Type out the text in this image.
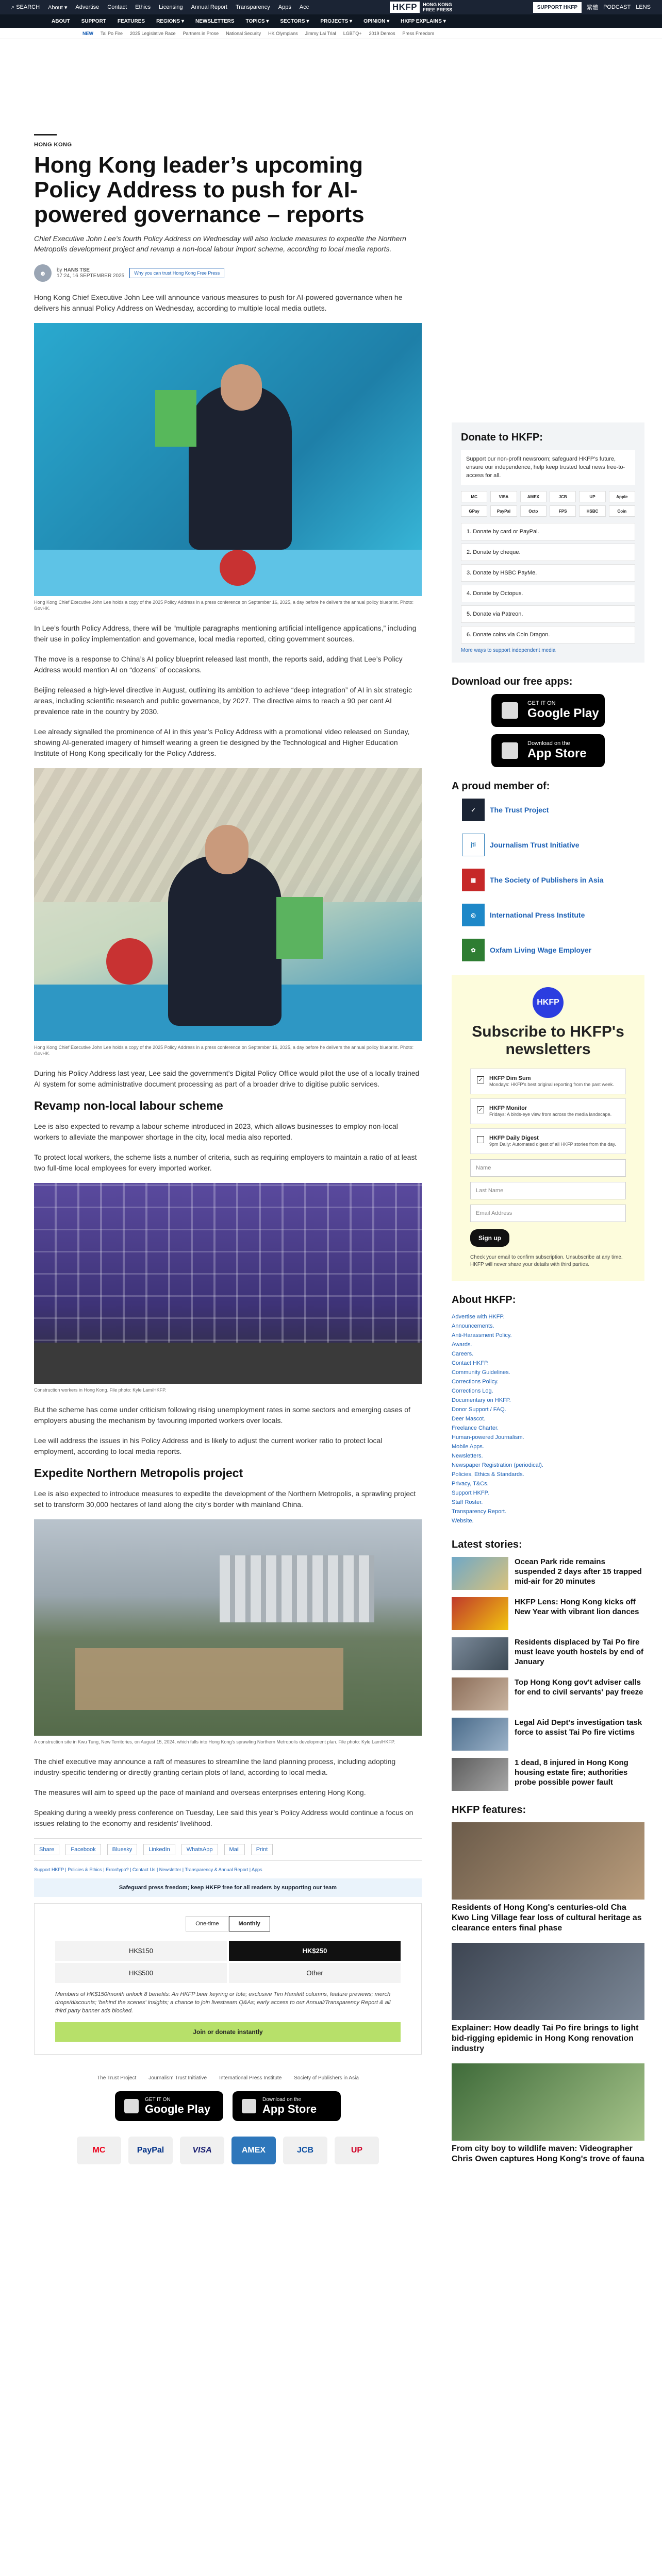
⌕ SEARCH About ▾ Advertise Contact Ethics Licensing Annual Report Transparency Apps Acc	HKFP	HONG KONG
FREE PRESS	SUPPORT HKFP	繁體 PODCAST LENS
ABOUT SUPPORT FEATURES REGIONS ▾ NEWSLETTERS TOPICS ▾ SECTORS ▾ PROJECTS ▾ OPINION ▾ HKFP EXPLAINS ▾
NEW Tai Po Fire 2025 Legislative Race Partners in Prose National Security HK Olympians Jimmy Lai Trial LGBTQ+ 2019 Demos Press Freedom
HONG KONG
Hong Kong leader’s upcoming Policy Address to push for AI-powered governance – reports

Chief Executive John Lee’s fourth Policy Address on Wednesday will also include measures to expedite the Northern Metropolis development project and revamp a non-local labour import scheme, according to local media reports.

☻	by HANS TSE
17:24, 16 SEPTEMBER 2025	Why you can trust Hong Kong Free Press

Hong Kong Chief Executive John Lee will announce various measures to push for AI-powered governance when he delivers his annual Policy Address on Wednesday, according to multiple local media outlets.

Hong Kong Chief Executive John Lee holds a copy of the 2025 Policy Address in a press conference on September 16, 2025, a day before he delivers the annual policy blueprint. Photo: GovHK.

In Lee’s fourth Policy Address, there will be “multiple paragraphs mentioning artificial intelligence applications,” including their use in policy implementation and governance, local media reported, citing government sources.

The move is a response to China’s AI policy blueprint released last month, the reports said, adding that Lee’s Policy Address would mention AI on “dozens” of occasions.

Beijing released a high-level directive in August, outlining its ambition to achieve “deep integration” of AI in six strategic areas, including scientific research and public governance, by 2027. The directive aims to reach a 90 per cent AI prevalence rate in the country by 2030.

Lee already signalled the prominence of AI in this year’s Policy Address with a promotional video released on Sunday, showing AI-generated imagery of himself wearing a green tie designed by the Technological and Higher Education Institute of Hong Kong specifically for the Policy Address.

Hong Kong Chief Executive John Lee holds a copy of the 2025 Policy Address in a press conference on September 16, 2025, a day before he delivers the annual policy blueprint. Photo: GovHK.

During his Policy Address last year, Lee said the government’s Digital Policy Office would pilot the use of a locally trained AI system for some administrative document processing as part of a broader drive to digitise public services.

Revamp non-local labour scheme

Lee is also expected to revamp a labour scheme introduced in 2023, which allows businesses to employ non-local workers to alleviate the manpower shortage in the city, local media also reported.

To protect local workers, the scheme lists a number of criteria, such as requiring employers to maintain a ratio of at least two full-time local employees for every imported worker.

Construction workers in Hong Kong. File photo: Kyle Lam/HKFP.

But the scheme has come under criticism following rising unemployment rates in some sectors and emerging cases of employers abusing the mechanism by favouring imported workers over locals.

Lee will address the issues in his Policy Address and is likely to adjust the current worker ratio to protect local employment, according to local media reports.

Expedite Northern Metropolis project

Lee is also expected to introduce measures to expedite the development of the Northern Metropolis, a sprawling project set to transform 30,000 hectares of land along the city’s border with mainland China.

A construction site in Kwu Tung, New Territories, on August 15, 2024, which falls into Hong Kong’s sprawling Northern Metropolis development plan. File photo: Kyle Lam/HKFP.

The chief executive may announce a raft of measures to streamline the land planning process, including adopting industry-specific tendering or directly granting certain plots of land, according to local media.

The measures will aim to speed up the pace of mainland and overseas enterprises entering Hong Kong.

Speaking during a weekly press conference on Tuesday, Lee said this year’s Policy Address would continue a focus on issues relating to the economy and residents’ livelihood.

Share	Facebook	Bluesky	LinkedIn	WhatsApp	Mail	Print
Support HKFP | Policies & Ethics | Error/typo? | Contact Us | Newsletter | Transparency & Annual Report | Apps
Safeguard press freedom; keep HKFP free for all readers by supporting our team
One-time	Monthly
HK$150	HK$250
HK$500	Other
Members of HK$150/month unlock 8 benefits: An HKFP beer keyring or tote; exclusive Tim Hamlett columns, feature previews; merch drops/discounts; 'behind the scenes' insights; a chance to join livestream Q&As; early access to our Annual/Transparency Report & all third party banner ads blocked.
Join or donate instantly
The Trust Project Journalism Trust Initiative International Press Institute Society of Publishers in Asia
GET IT ON
Google Play
Download on the
App Store
MC	PayPal	VISA	AMEX	JCB	UP
Donate to HKFP:
Support our non-profit newsroom; safeguard HKFP's future, ensure our independence, help keep trusted local news free-to-access for all.
MC	VISA	AMEX	JCB	UP	Apple
GPay	PayPal	Octo	FPS	HSBC	Coin
1. Donate by card or PayPal.
2. Donate by cheque.
3. Donate by HSBC PayMe.
4. Donate by Octopus.
5. Donate via Patreon.
6. Donate coins via Coin Dragon.
More ways to support independent media
Download our free apps:
GET IT ON
Google Play
Download on the
App Store
A proud member of:
✓	The Trust Project
jti	Journalism Trust Initiative
▦	The Society of Publishers in Asia
◎	International Press Institute
✿	Oxfam Living Wage Employer
HKFP
Subscribe to HKFP's newsletters
✓ HKFP Dim Sum
Mondays: HKFP's best original reporting from the past week.
✓ HKFP Monitor
Fridays: A birds-eye view from across the media landscape.
HKFP Daily Digest
9pm Daily: Automated digest of all HKFP stories from the day.
Name
Last Name
Email Address
Sign up
Check your email to confirm subscription. Unsubscribe at any time. HKFP will never share your details with third parties.
About HKFP:
Advertise with HKFP.
Announcements.
Anti-Harassment Policy.
Awards.
Careers.
Contact HKFP.
Community Guidelines.
Corrections Policy.
Corrections Log.
Documentary on HKFP.
Donor Support / FAQ.
Deer Mascot.
Freelance Charter.
Human-powered Journalism.
Mobile Apps.
Newsletters.
Newspaper Registration (periodical).
Policies, Ethics & Standards.
Privacy, T&Cs.
Support HKFP.
Staff Roster.
Transparency Report.
Website.
Latest stories:
Ocean Park ride remains suspended 2 days after 15 trapped mid-air for 20 minutes
HKFP Lens: Hong Kong kicks off New Year with vibrant lion dances
Residents displaced by Tai Po fire must leave youth hostels by end of January
Top Hong Kong gov't adviser calls for end to civil servants' pay freeze
Legal Aid Dept's investigation task force to assist Tai Po fire victims
1 dead, 8 injured in Hong Kong housing estate fire; authorities probe possible power fault
HKFP features:
Residents of Hong Kong's centuries-old Cha Kwo Ling Village fear loss of cultural heritage as clearance enters final phase
Explainer: How deadly Tai Po fire brings to light bid-rigging epidemic in Hong Kong renovation industry
From city boy to wildlife maven: Videographer Chris Owen captures Hong Kong's trove of fauna
